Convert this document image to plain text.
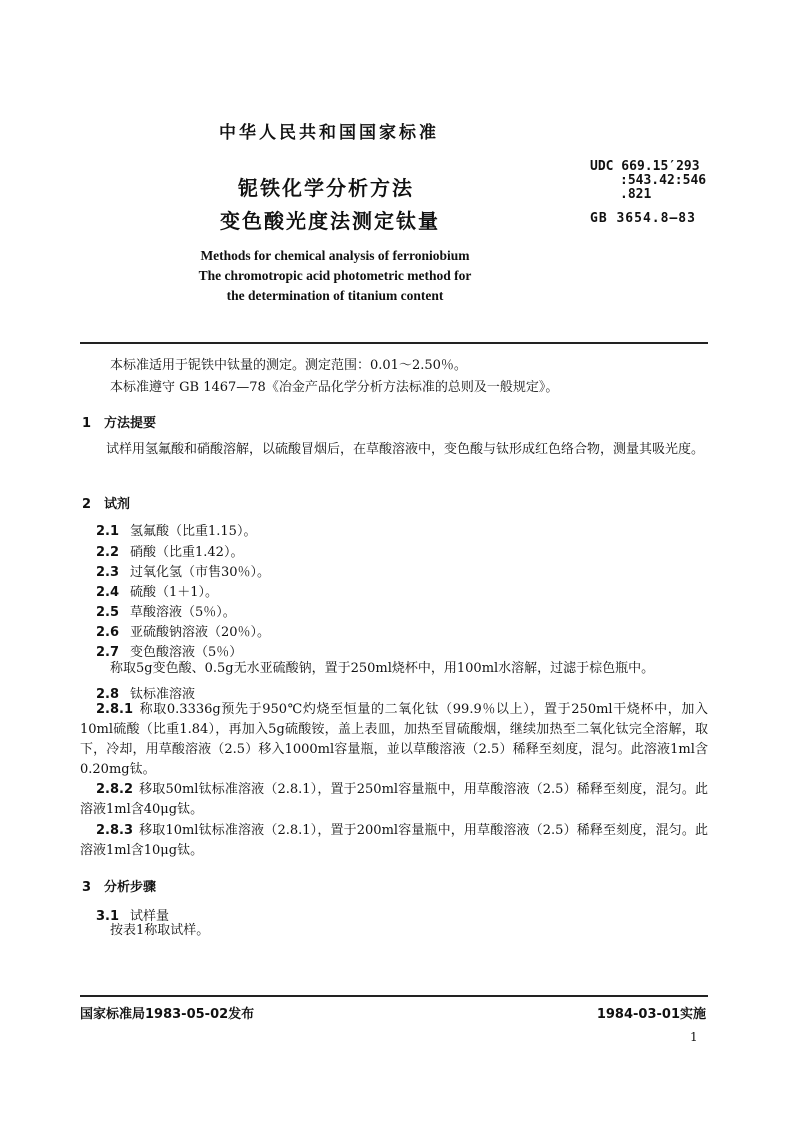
中华人民共和国国家标准
铌铁化学分析方法
变色酸光度法测定钛量
UDC 669.15′293
:543.42:546
.821
GB 3654.8—83
Methods for chemical analysis of ferroniobium
The chromotropic acid photometric method for
the determination of titanium content
本标准适用于铌铁中钛量的测定。测定范围：0.01～2.50％。
本标准遵守 GB 1467—78《冶金产品化学分析方法标准的总则及一般规定》。
1 方法提要
　　试样用氢氟酸和硝酸溶解，以硫酸冒烟后，在草酸溶液中，变色酸与钛形成红色络合物，测量其吸光度。
2 试剂
2.1 氢氟酸（比重1.15）。
2.2 硝酸（比重1.42）。
2.3 过氧化氢（市售30％）。
2.4 硫酸（1＋1）。
2.5 草酸溶液（5％）。
2.6 亚硫酸钠溶液（20％）。
2.7 变色酸溶液（5％）
称取5g变色酸、0.5g无水亚硫酸钠，置于250ml烧杯中，用100ml水溶解，过滤于棕色瓶中。
2.8 钛标准溶液
2.8.1 称取0.3336g预先于950℃灼烧至恒量的二氧化钛（99.9％以上），置于250ml干烧杯中，加入10ml硫酸（比重1.84），再加入5g硫酸铵，盖上表皿，加热至冒硫酸烟，继续加热至二氧化钛完全溶解，取下，冷却，用草酸溶液（2.5）移入1000ml容量瓶，並以草酸溶液（2.5）稀释至刻度，混匀。此溶液1ml含0.20mg钛。
2.8.2 移取50ml钛标准溶液（2.8.1），置于250ml容量瓶中，用草酸溶液（2.5）稀释至刻度，混匀。此溶液1ml含40μg钛。
2.8.3 移取10ml钛标准溶液（2.8.1），置于200ml容量瓶中，用草酸溶液（2.5）稀释至刻度，混匀。此溶液1ml含10μg钛。
3 分析步骤
3.1 试样量
按表1称取试样。
国家标准局1983-05-02发布	1984-03-01实施
1
